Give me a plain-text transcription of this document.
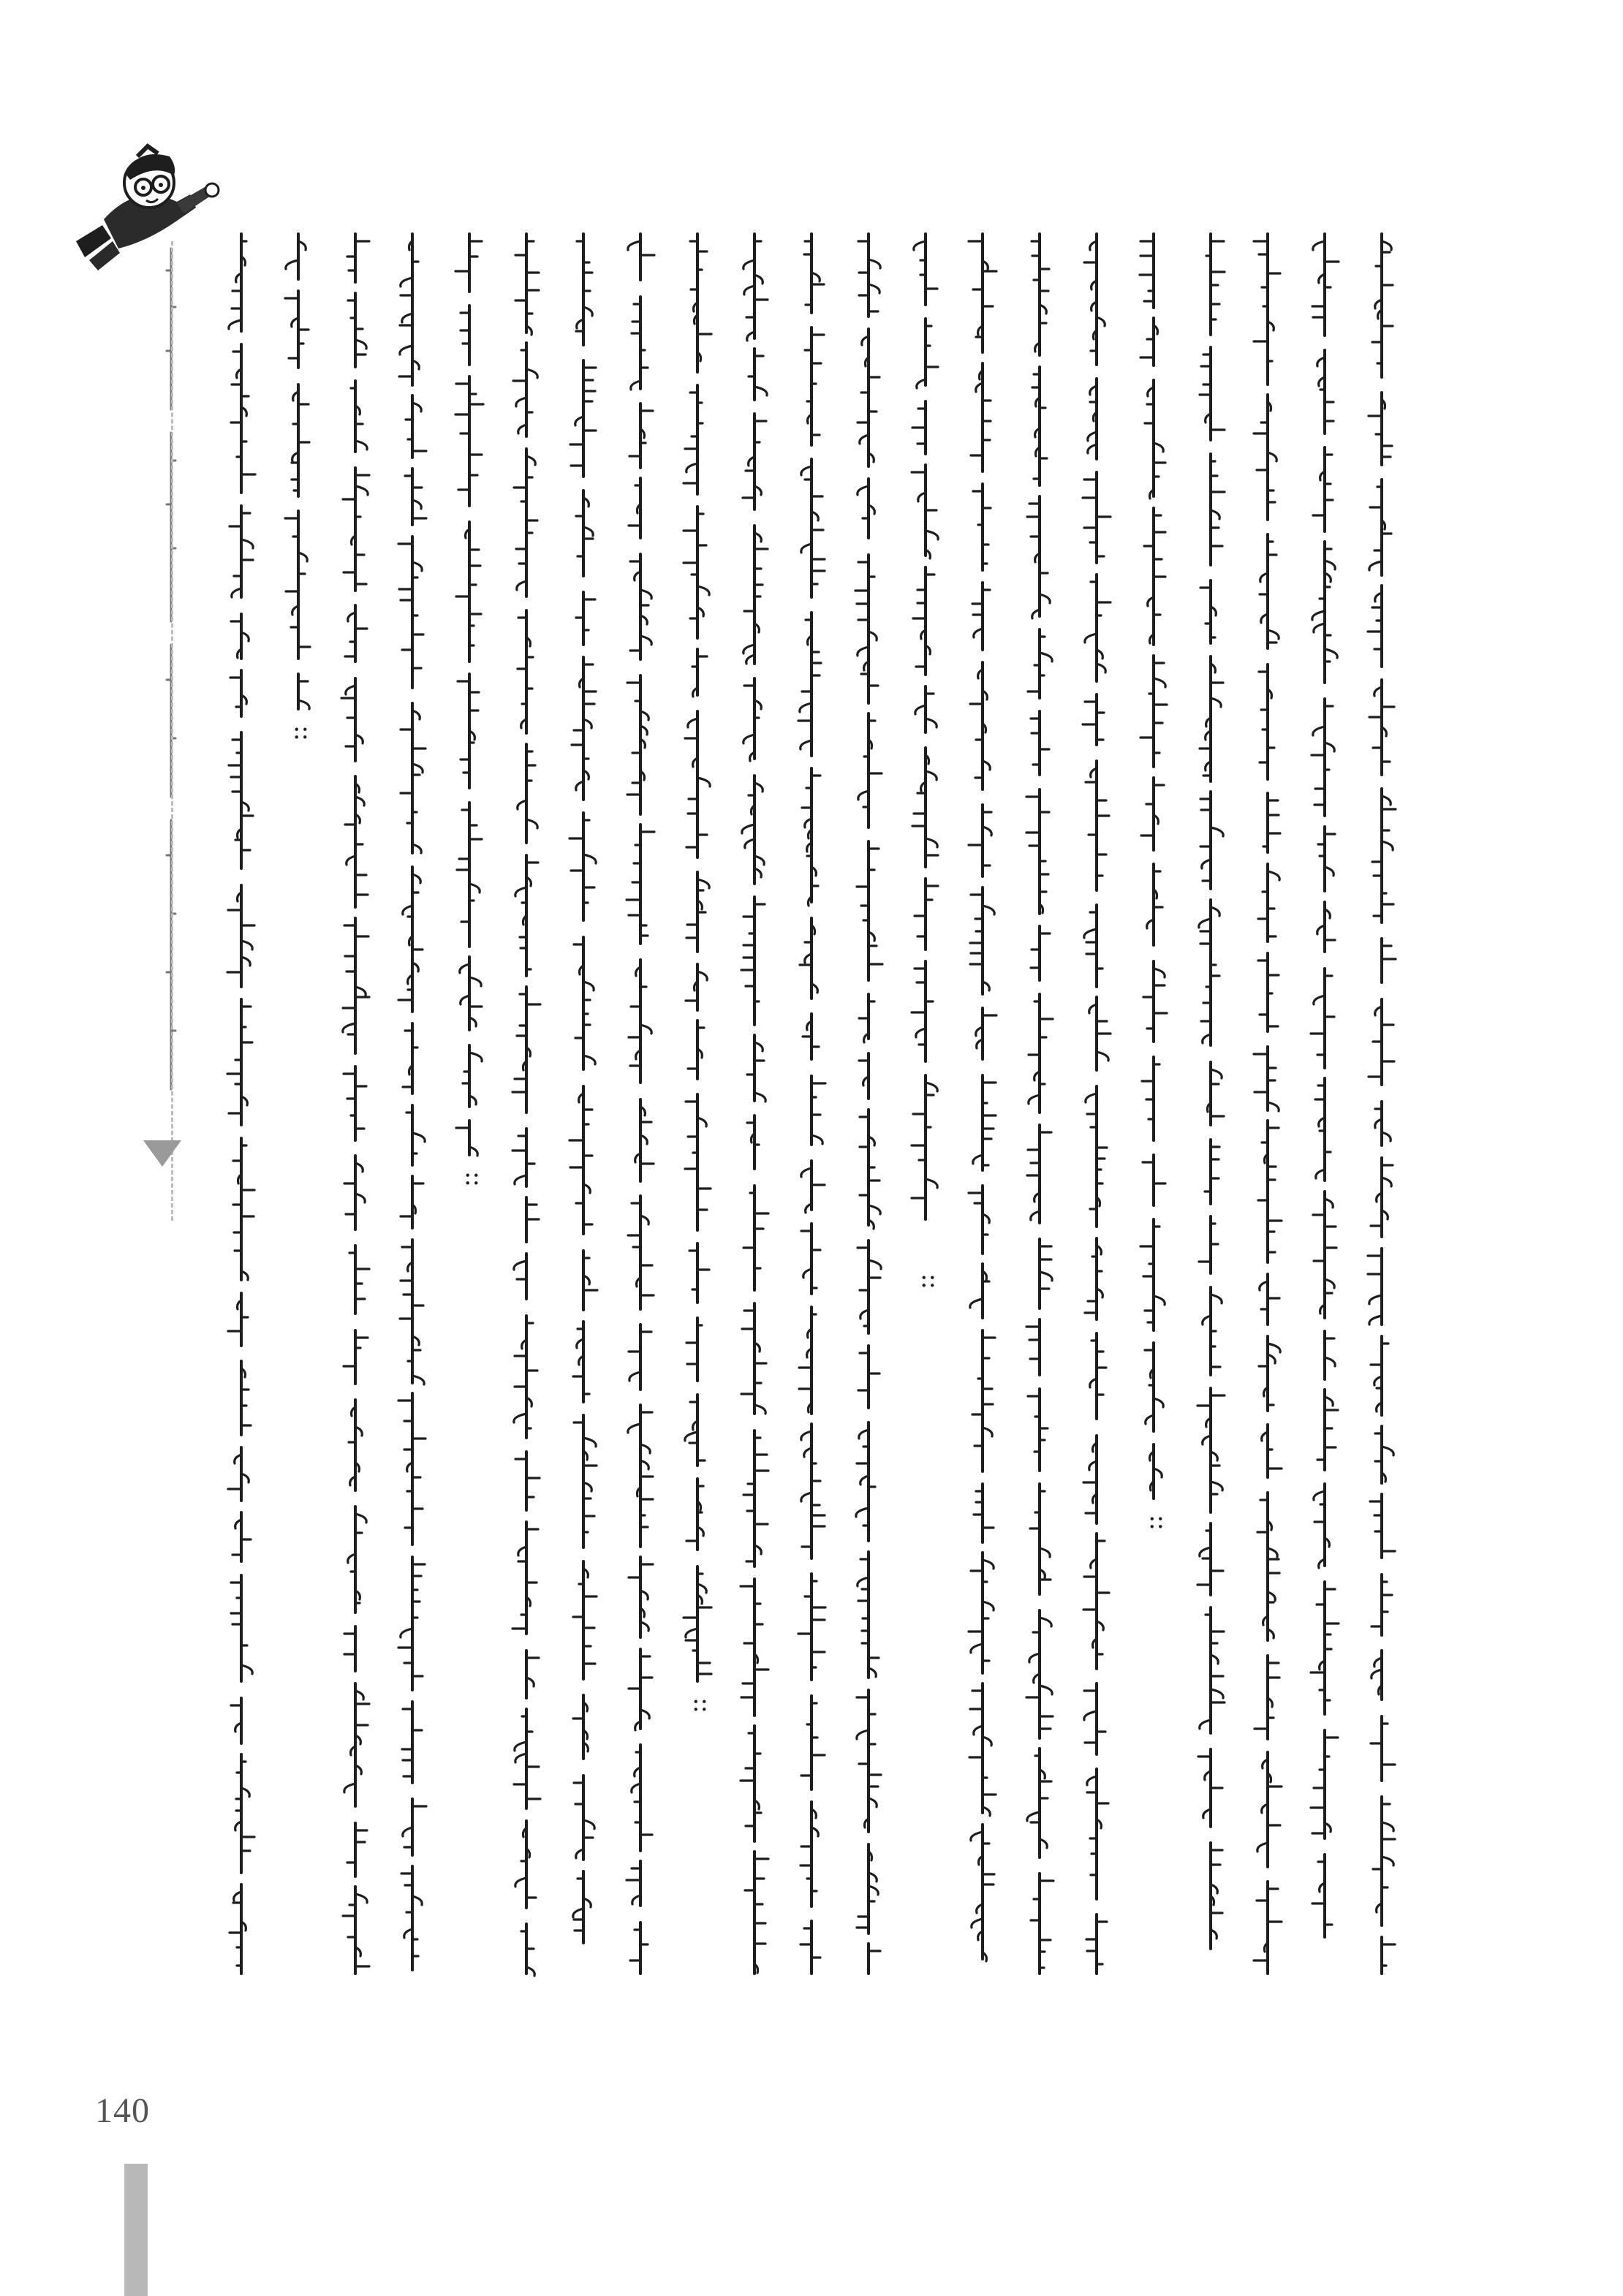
::
::
::
::
::
140
